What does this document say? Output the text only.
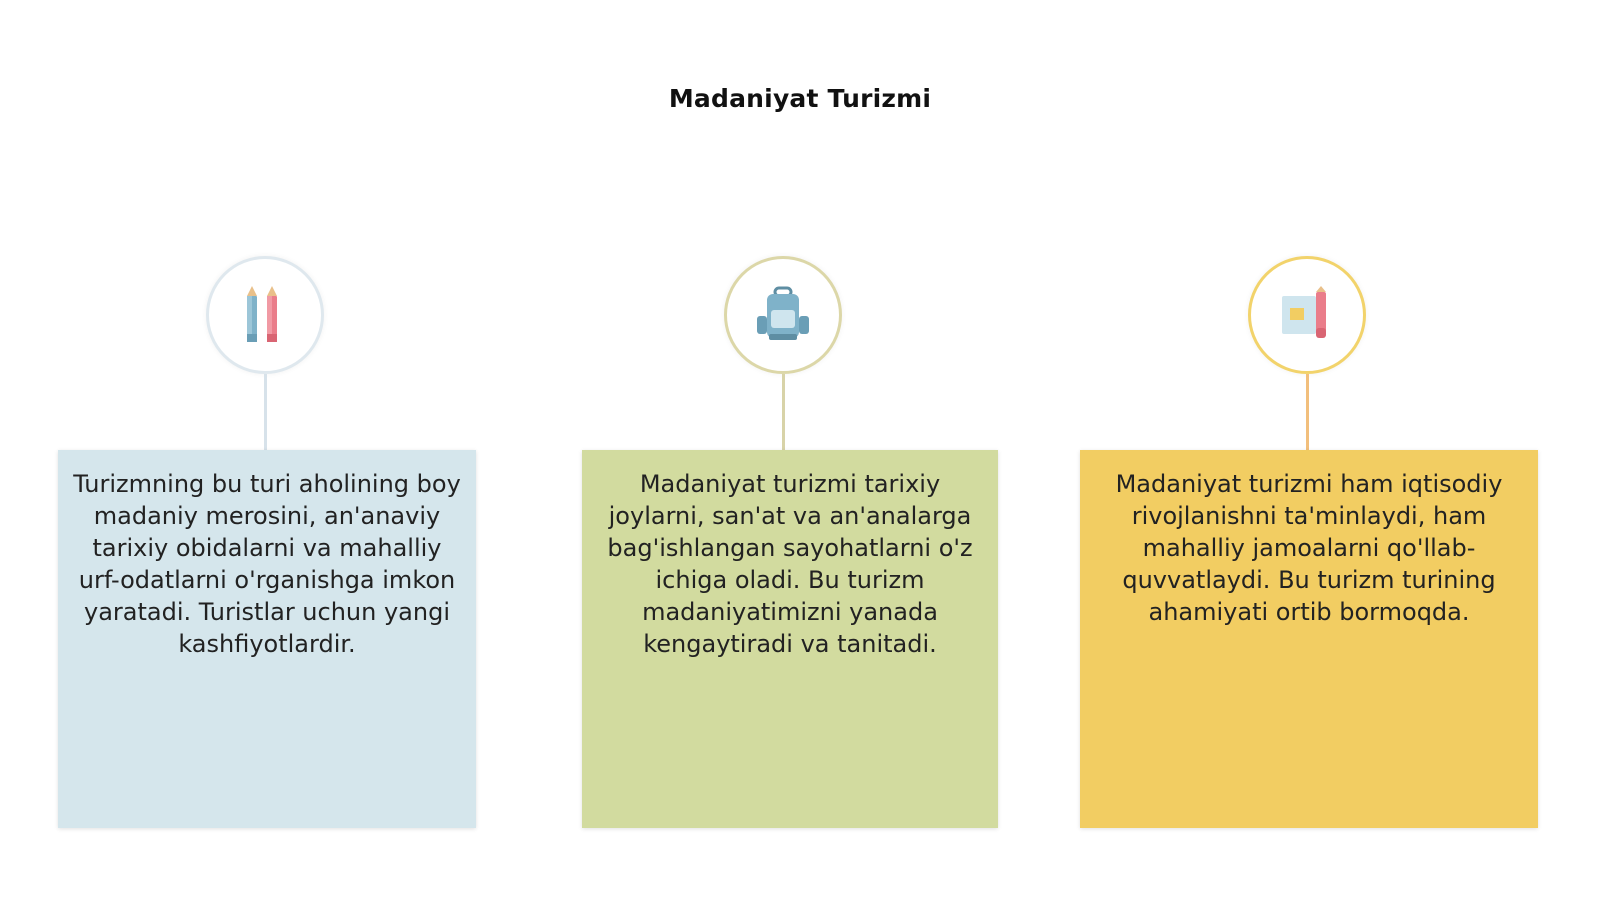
Madaniyat Turizmi

Turizmning bu turi aholining boy madaniy merosini, an'anaviy tarixiy obidalarni va mahalliy urf-odatlarni o'rganishga imkon yaratadi. Turistlar uchun yangi kashfiyotlardir.

Madaniyat turizmi tarixiy joylarni, san'at va an'analarga bag'ishlangan sayohatlarni o'z ichiga oladi. Bu turizm madaniyatimizni yanada kengaytiradi va tanitadi.

Madaniyat turizmi ham iqtisodiy rivojlanishni ta'minlaydi, ham mahalliy jamoalarni qo'llab-quvvatlaydi. Bu turizm turining ahamiyati ortib bormoqda.
